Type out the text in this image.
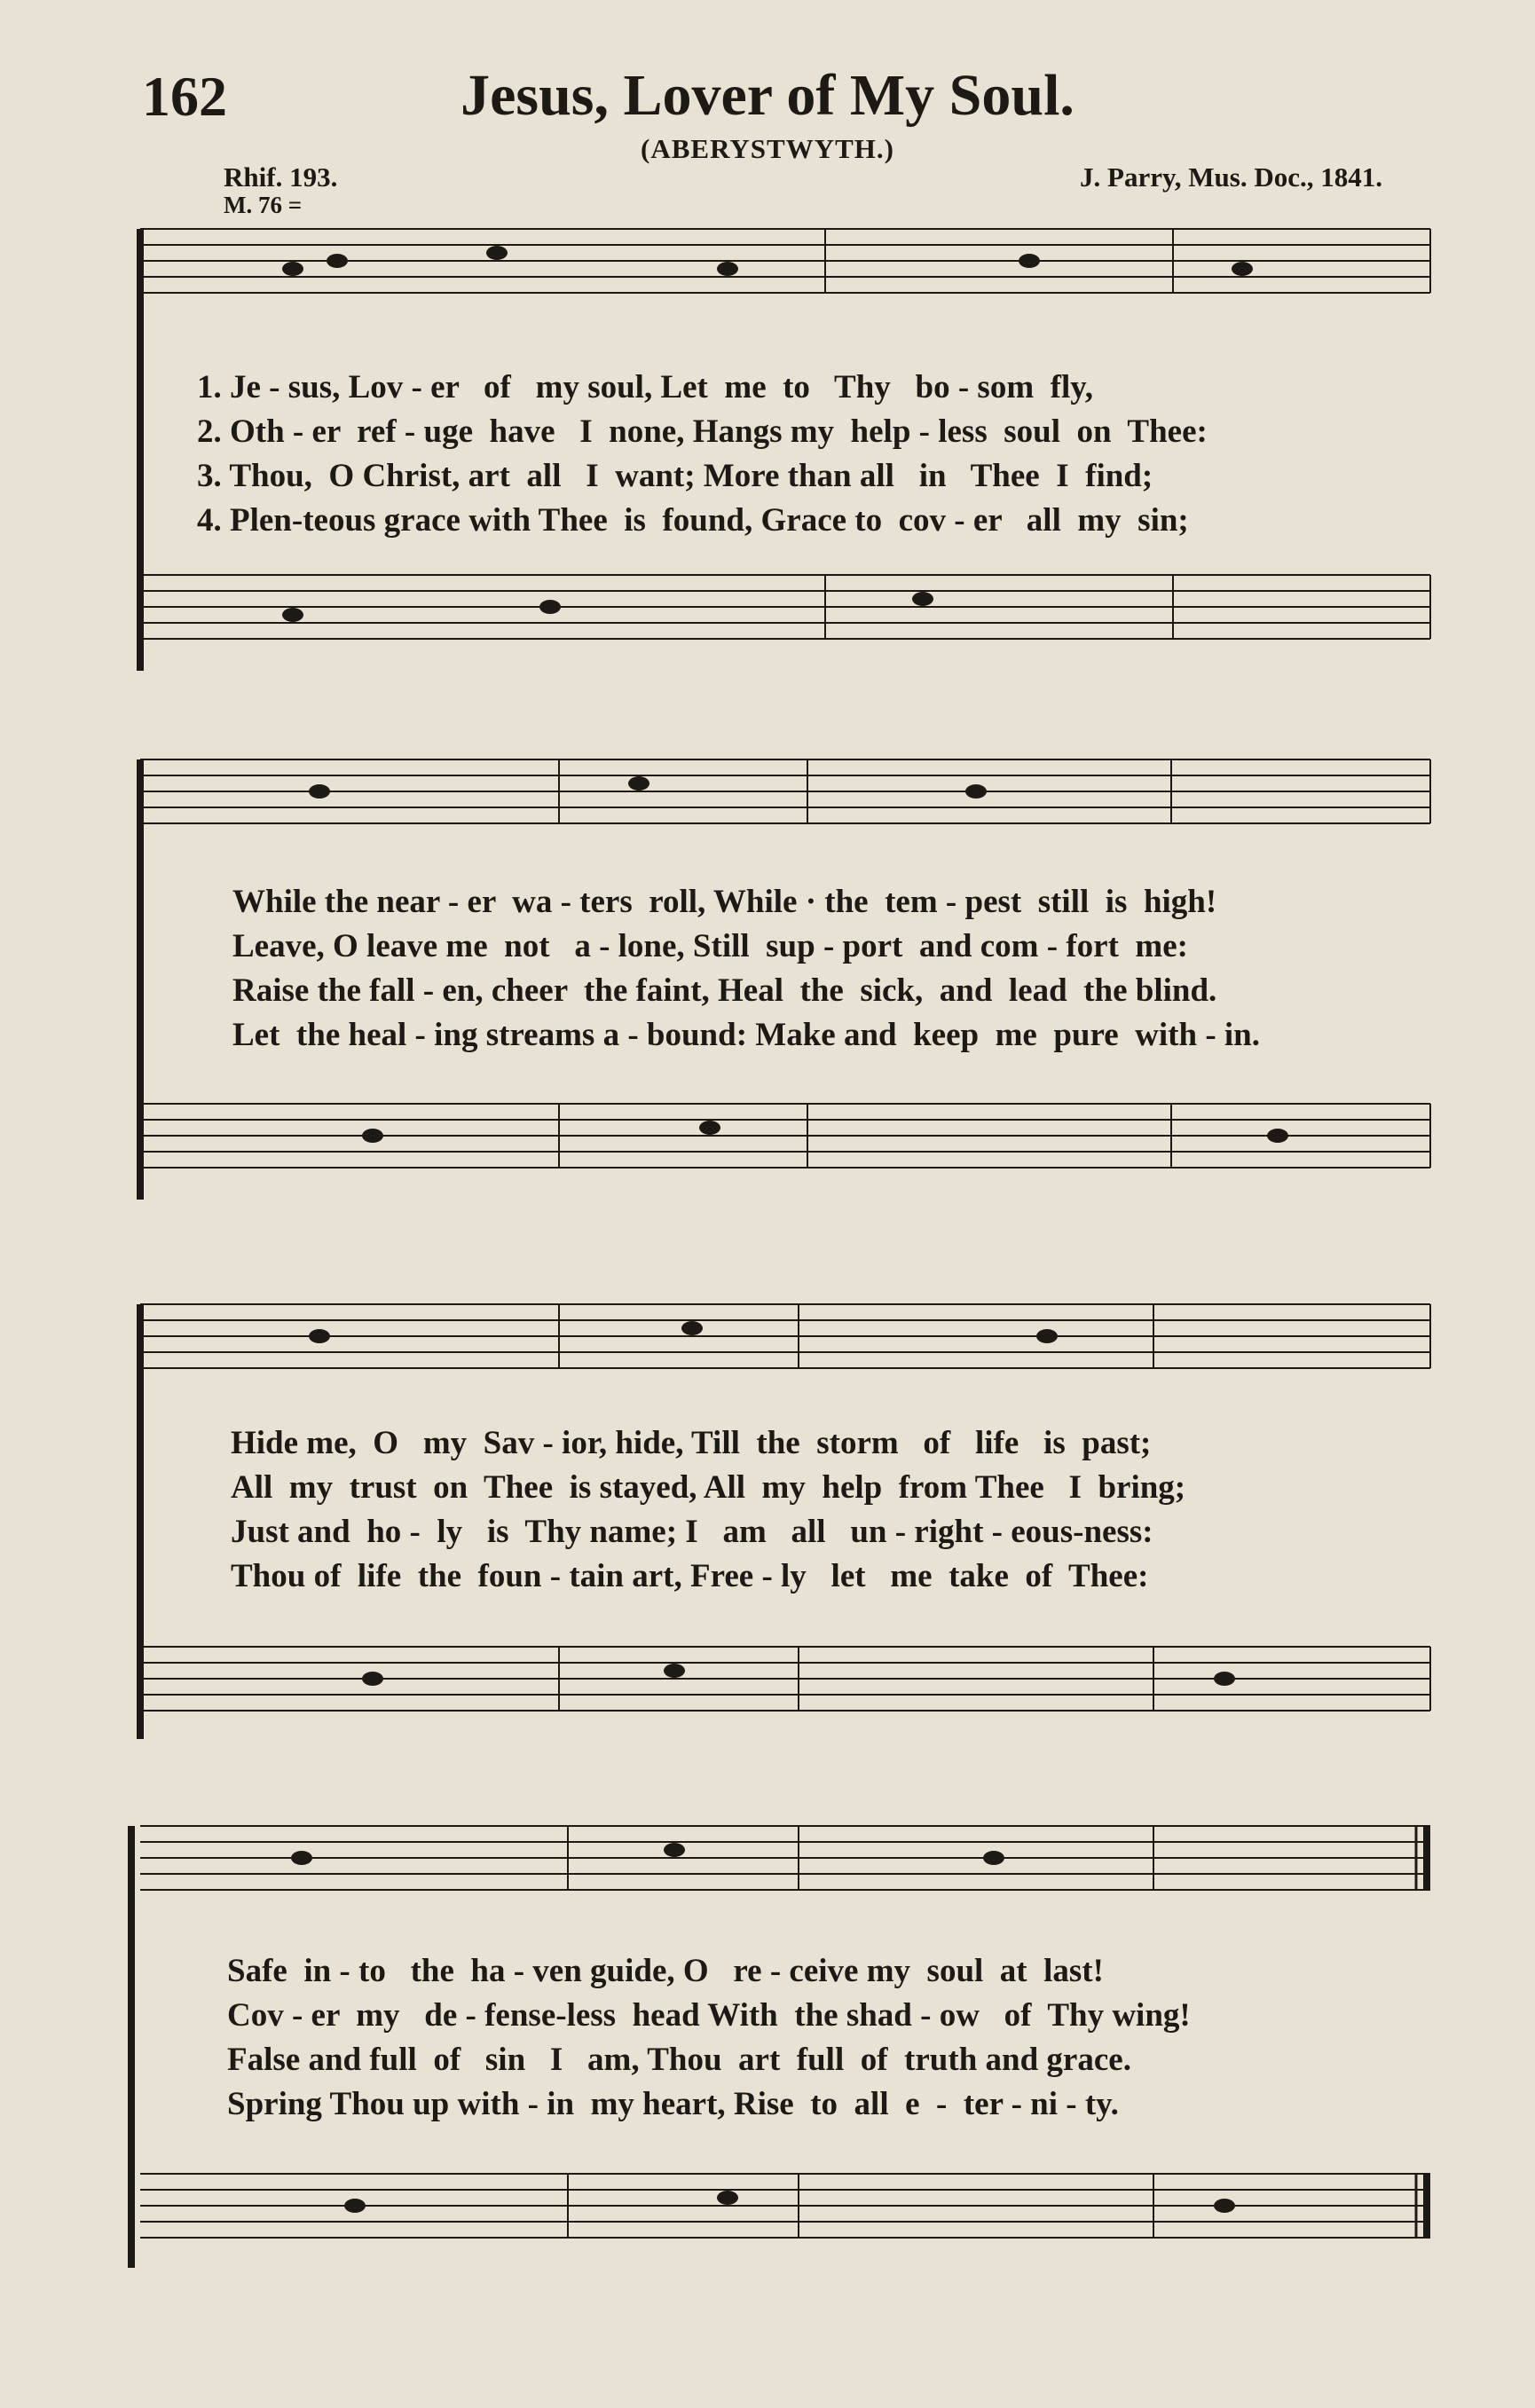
162	Jesus, Lover of My Soul.
(ABERYSTWYTH.)
Rhif. 193.	J. Parry, Mus. Doc., 1841.
M. 76 =
1. Je - sus, Lov - er   of   my soul, Let  me  to   Thy   bo - som  fly,
2. Oth - er  ref - uge  have   I  none, Hangs my  help - less  soul  on  Thee:
3. Thou,  O Christ, art  all   I  want; More than all   in   Thee  I  find;
4. Plen-teous grace with Thee  is  found, Grace to  cov - er   all  my  sin;
While the near - er  wa - ters  roll, While · the  tem - pest  still  is  high!
Leave, O leave me  not   a - lone, Still  sup - port  and com - fort  me:
Raise the fall - en, cheer  the faint, Heal  the  sick,  and  lead  the blind.
Let  the heal - ing streams a - bound: Make and  keep  me  pure  with - in.
Hide me,  O   my  Sav - ior, hide, Till  the  storm   of   life   is  past;
All  my  trust  on  Thee  is stayed, All  my  help  from Thee   I  bring;
Just and  ho -  ly   is  Thy name; I   am   all   un - right - eous-ness:
Thou of  life  the  foun - tain art, Free - ly   let   me  take  of  Thee:
Safe  in - to   the  ha - ven guide, O   re - ceive my  soul  at  last!
Cov - er  my   de - fense-less  head With  the shad - ow   of  Thy wing!
False and full  of   sin   I   am, Thou  art  full  of  truth and grace.
Spring Thou up with - in  my heart, Rise  to  all  e  -  ter - ni - ty.
